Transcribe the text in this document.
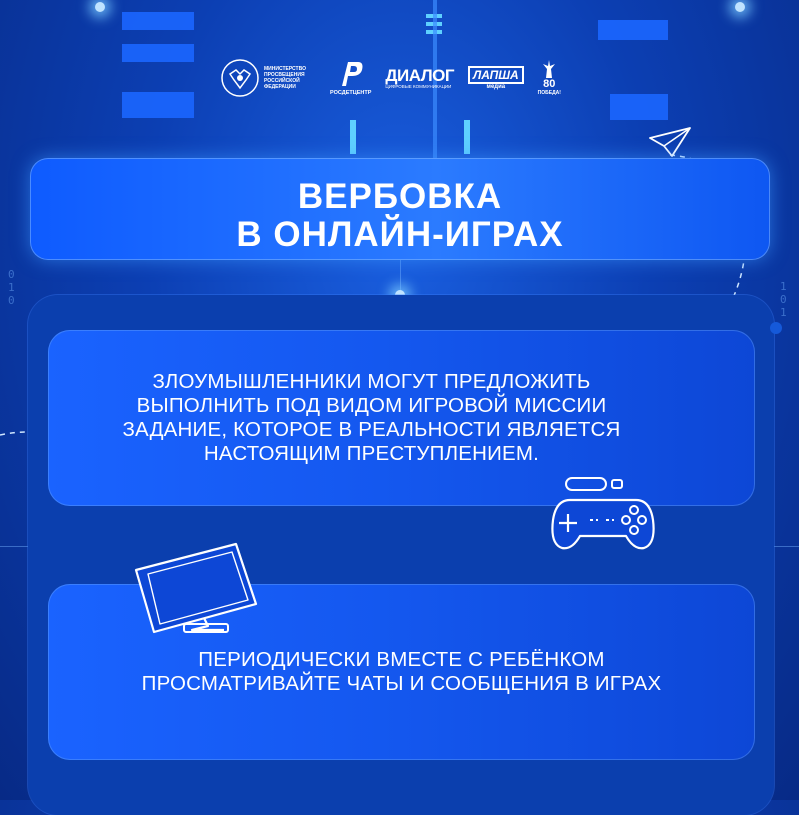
0
1
0
1
0
1
МИНИСТЕРСТВО
ПРОСВЕЩЕНИЯ
РОССИЙСКОЙ
ФЕДЕРАЦИИ
РОСДЕТЦЕНТР
ДИАЛОГ
ЦИФРОВЫЕ КОММУНИКАЦИИ
ЛАПША
медиа	80
ПОБЕДА!
ВЕРБОВКА
В ОНЛАЙН-ИГРАХ

ЗЛОУМЫШЛЕННИКИ МОГУТ ПРЕДЛОЖИТЬ ВЫПОЛНИТЬ ПОД ВИДОМ ИГРОВОЙ МИССИИ ЗАДАНИЕ, КОТОРОЕ В РЕАЛЬНОСТИ ЯВЛЯЕТСЯ НАСТОЯЩИМ ПРЕСТУПЛЕНИЕМ.

ПЕРИОДИЧЕСКИ ВМЕСТЕ С РЕБЁНКОМ ПРОСМАТРИВАЙТЕ ЧАТЫ И СООБЩЕНИЯ В ИГРАХ
